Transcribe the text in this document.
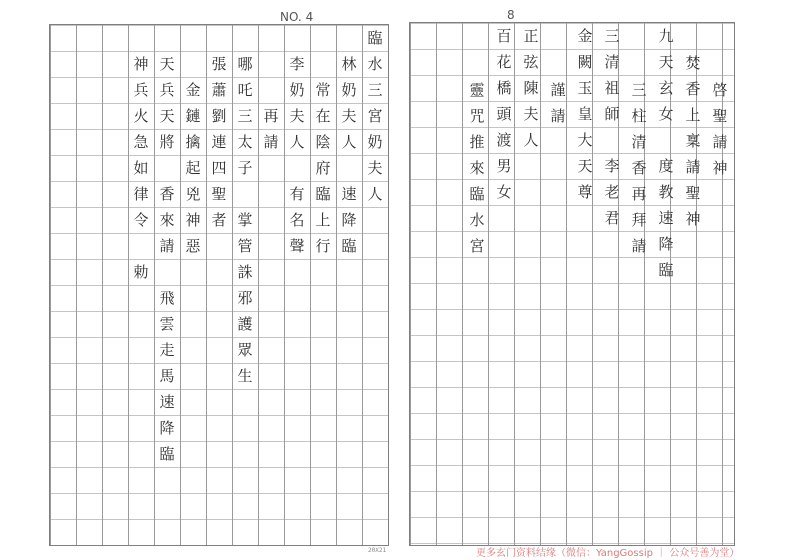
NO. 4	8
臨
水
三
宮
奶
夫
人
林
奶
夫
人
速
降
臨
常
在
陰
府
臨
上
行
李
奶
夫
人
有
名
聲
再
請
哪
吒
三
太
子
掌
管
誅
邪
護
眾
生
張
蕭
劉
連
四
聖
者
金
鏈
擒
起
兇
神
惡
天
兵
天
將
香
來
請
飛
雲
走
馬
速
降
臨
神
兵
火
急
如
律
令
勅
啓
聖
請
神
焚
香
上
稟
請
聖
神
九
天
玄
女
度
教
速
降
臨
三
柱
清
香
再
拜
請
三
清
祖
師
李
老
君
金
闕
玉
皇
大
天
尊
謹
請
正
弦
陳
夫
人
百
花
橋
頭
渡
男
女
靈
咒
推
來
臨
水
宮
20X21	更多玄门资料结缘（微信：YangGossip ｜ 公众号善为堂）
